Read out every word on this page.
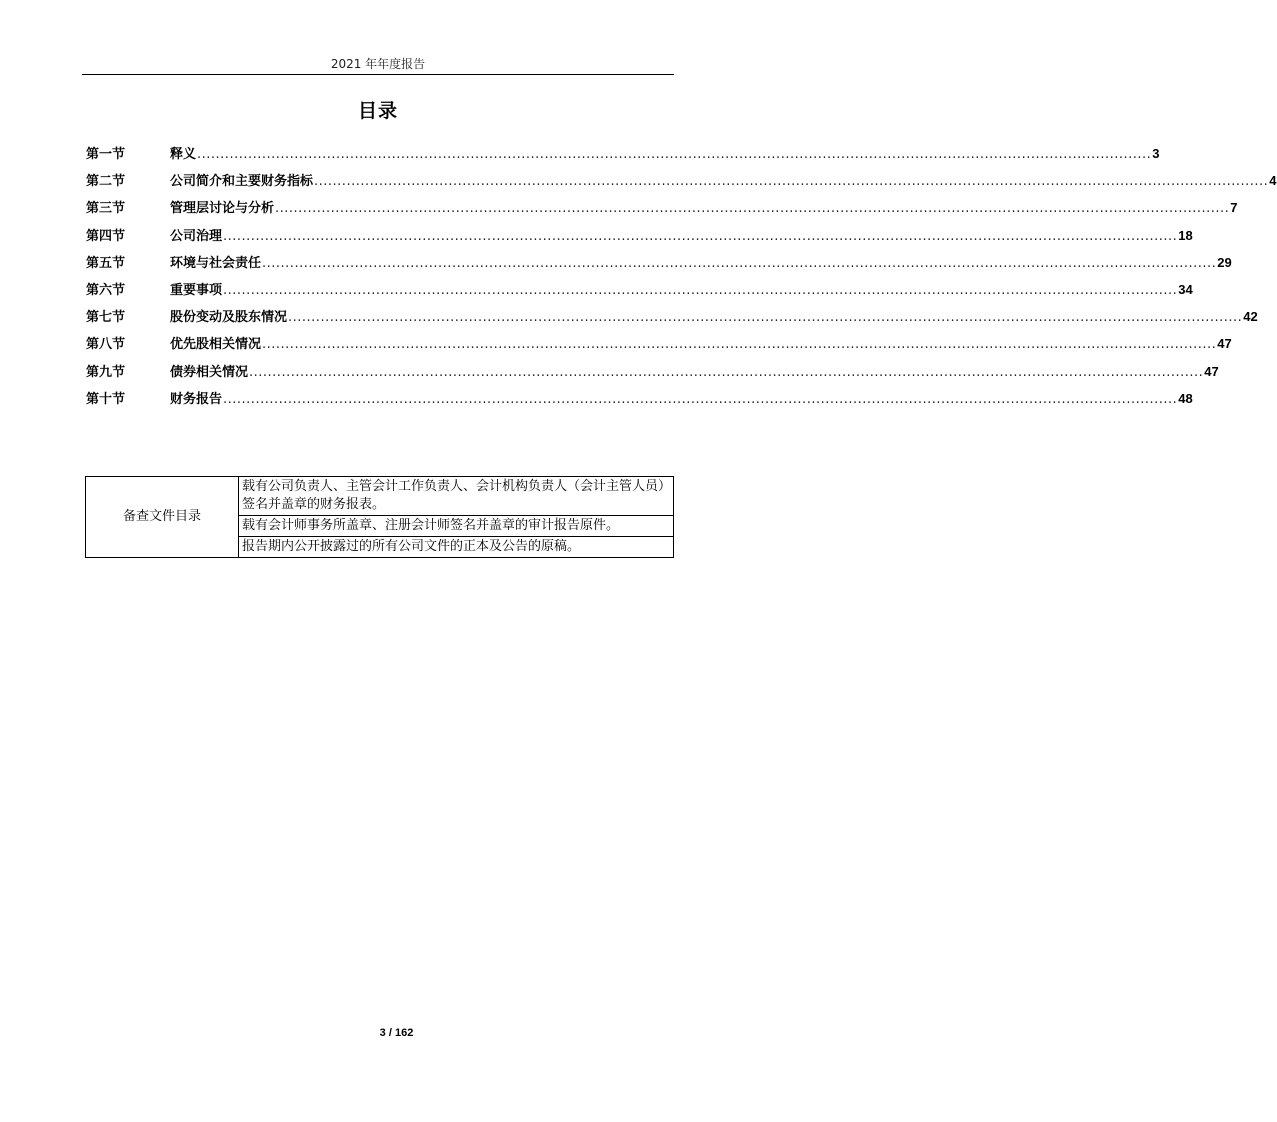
2021 年年度报告
目录
第一节	释义 .............................................................................................................................................................................................................. 3
第二节	公司简介和主要财务指标 .............................................................................................................................................................................................................. 4
第三节	管理层讨论与分析 .............................................................................................................................................................................................................. 7
第四节	公司治理 .............................................................................................................................................................................................................. 18
第五节	环境与社会责任 .............................................................................................................................................................................................................. 29
第六节	重要事项 .............................................................................................................................................................................................................. 34
第七节	股份变动及股东情况 .............................................................................................................................................................................................................. 42
第八节	优先股相关情况 .............................................................................................................................................................................................................. 47
第九节	债券相关情况 .............................................................................................................................................................................................................. 47
第十节	财务报告 .............................................................................................................................................................................................................. 48
备查文件目录	载有公司负责人、主管会计工作负责人、会计机构负责人（会计主管人员）签名并盖章的财务报表。
载有会计师事务所盖章、注册会计师签名并盖章的审计报告原件。
报告期内公开披露过的所有公司文件的正本及公告的原稿。
3 / 162
